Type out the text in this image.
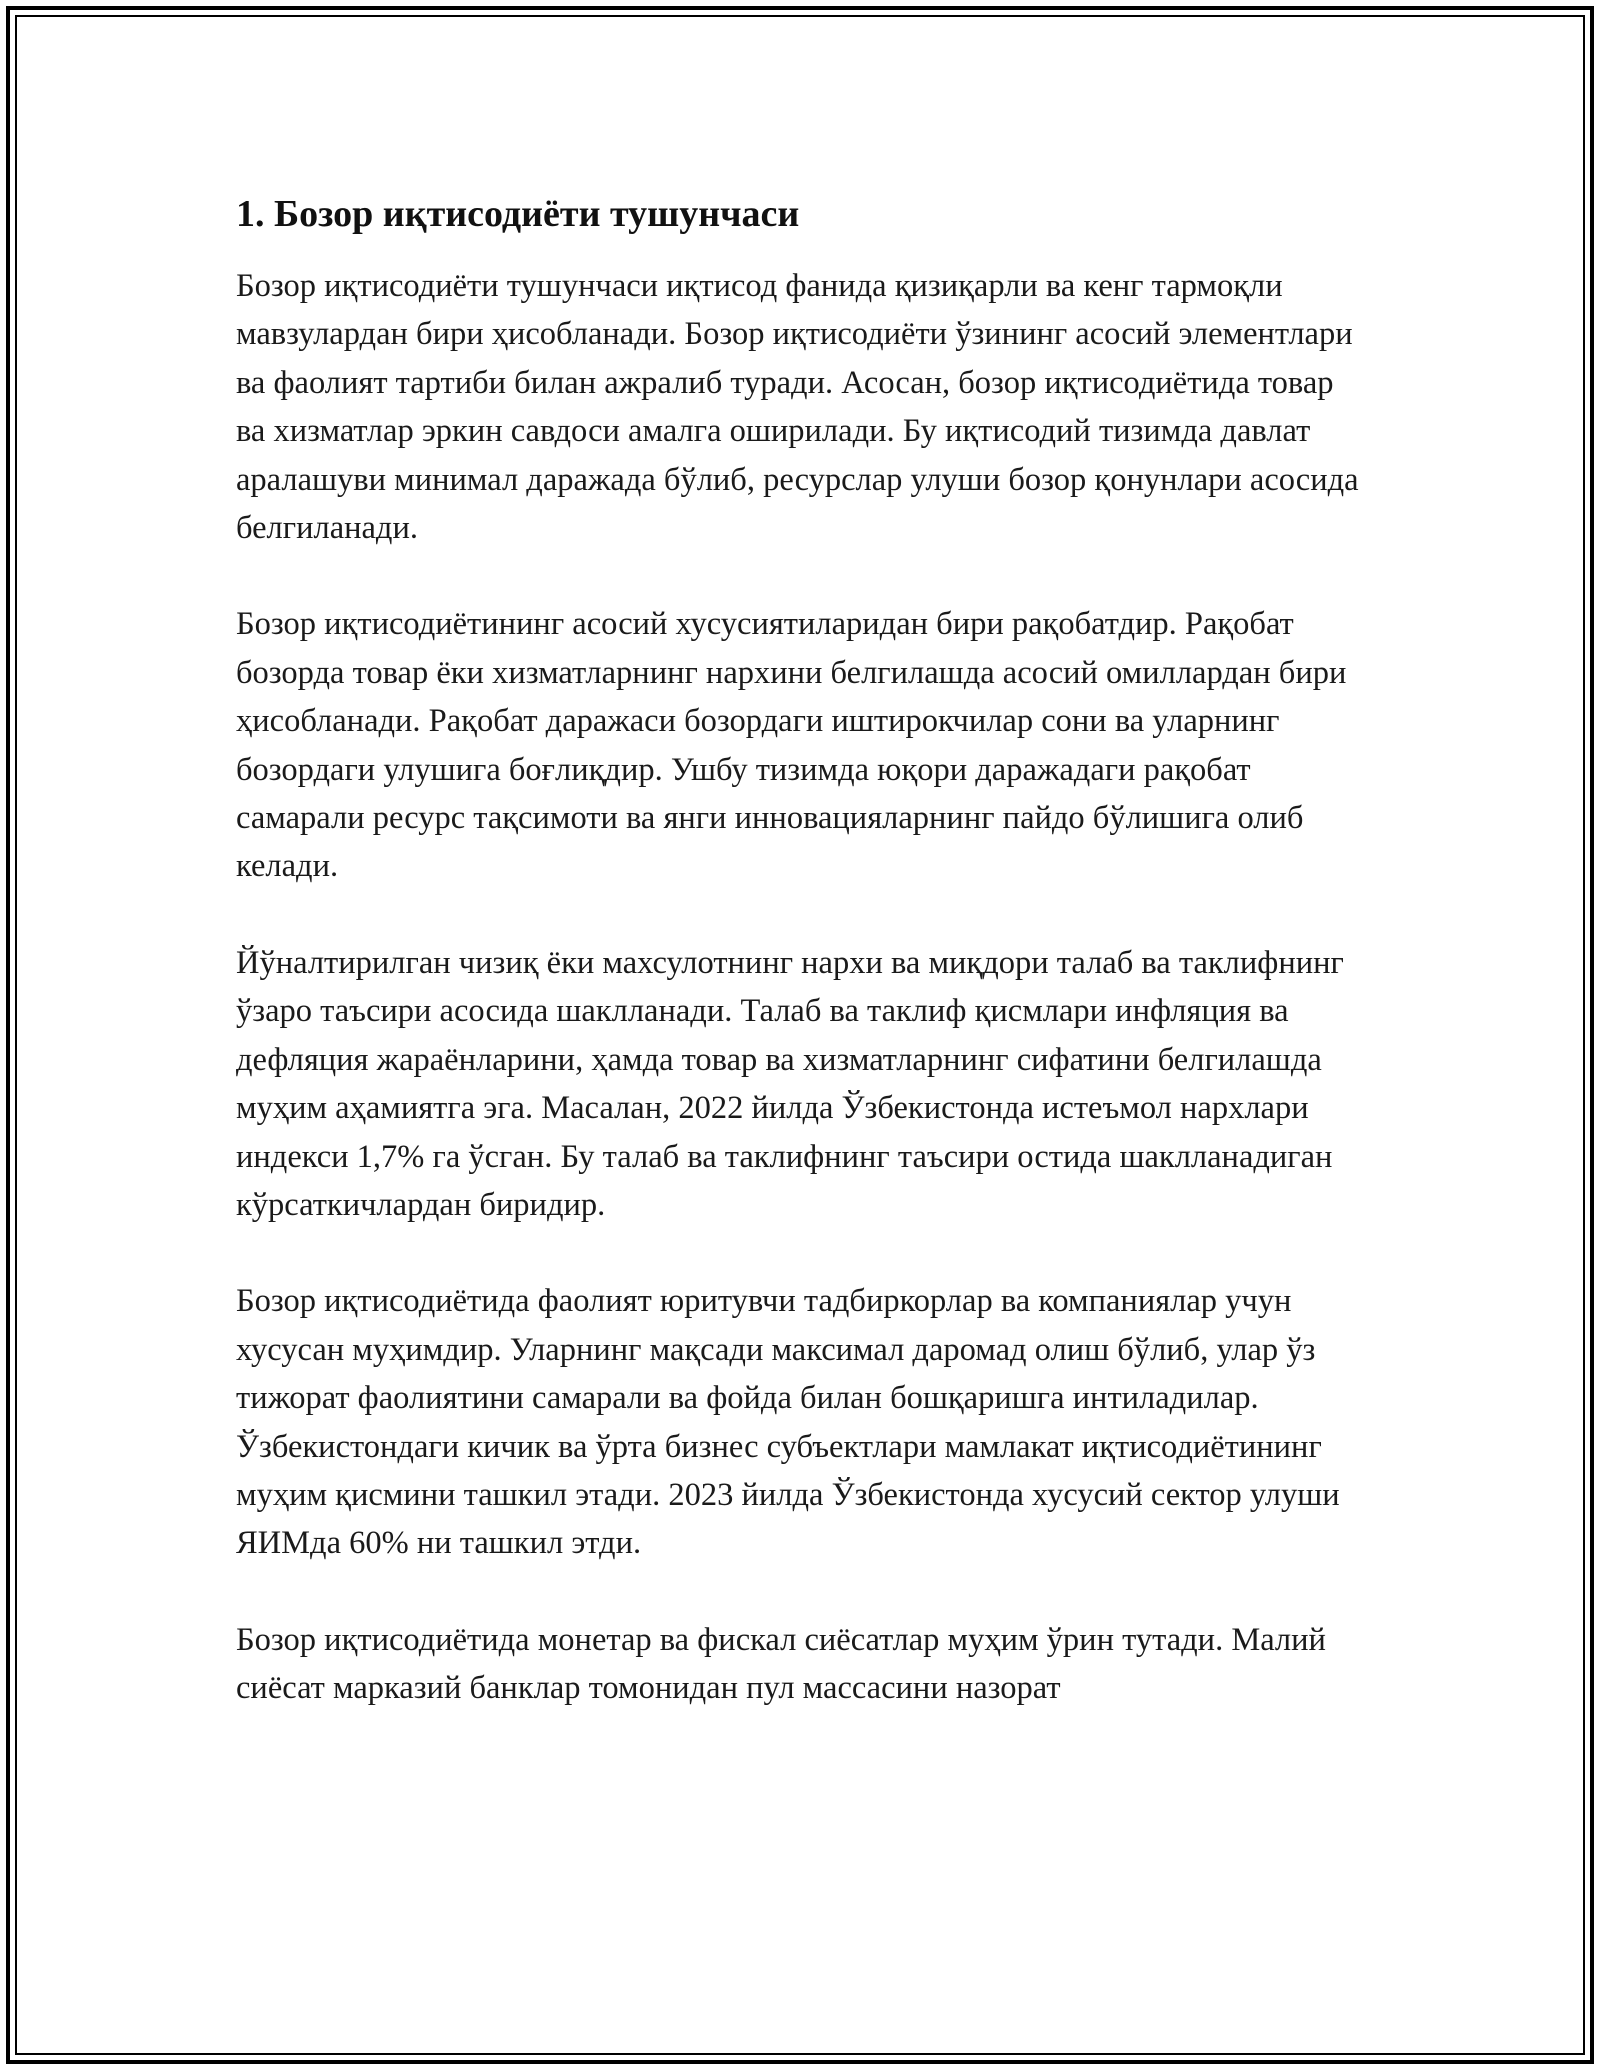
1. Бозор иқтисодиёти тушунчаси

Бозор иқтисодиёти тушунчаси иқтисод фанида қизиқарли ва кенг тармоқли мавзулардан бири ҳисобланади. Бозор иқтисодиёти ўзининг асосий элементлари ва фаолият тартиби билан ажралиб туради. Асосан, бозор иқтисодиётида товар ва хизматлар эркин савдоси амалга оширилади. Бу иқтисодий тизимда давлат аралашуви минимал даражада бўлиб, ресурслар улуши бозор қонунлари асосида белгиланади.

Бозор иқтисодиётининг асосий хусусиятиларидан бири рақобатдир. Рақобат бозорда товар ёки хизматларнинг нархини белгилашда асосий омиллардан бири ҳисобланади. Рақобат даражаси бозордаги иштирокчилар сони ва уларнинг бозордаги улушига боғлиқдир. Ушбу тизимда юқори даражадаги рақобат самарали ресурс тақсимоти ва янги инновацияларнинг пайдо бўлишига олиб келади.

Йўналтирилган чизиқ ёки махсулотнинг нархи ва миқдори талаб ва таклифнинг ўзаро таъсири асосида шаклланади. Талаб ва таклиф қисмлари инфляция ва дефляция жараёнларини, ҳамда товар ва хизматларнинг сифатини белгилашда муҳим аҳамиятга эга. Масалан, 2022 йилда Ўзбекистонда истеъмол нархлари индекси 1,7% га ўсган. Бу талаб ва таклифнинг таъсири остида шаклланадиган кўрсаткичлардан биридир.

Бозор иқтисодиётида фаолият юритувчи тадбиркорлар ва компаниялар учун хусусан муҳимдир. Уларнинг мақсади максимал даромад олиш бўлиб, улар ўз тижорат фаолиятини самарали ва фойда билан бошқаришга интиладилар. Ўзбекистондаги кичик ва ўрта бизнес субъектлари мамлакат иқтисодиётининг муҳим қисмини ташкил этади. 2023 йилда Ўзбекистонда хусусий сектор улуши ЯИМда 60% ни ташкил этди.

Бозор иқтисодиётида монетар ва фискал сиёсатлар муҳим ўрин тутади. Малий сиёсат марказий банклар томонидан пул массасини назорат
